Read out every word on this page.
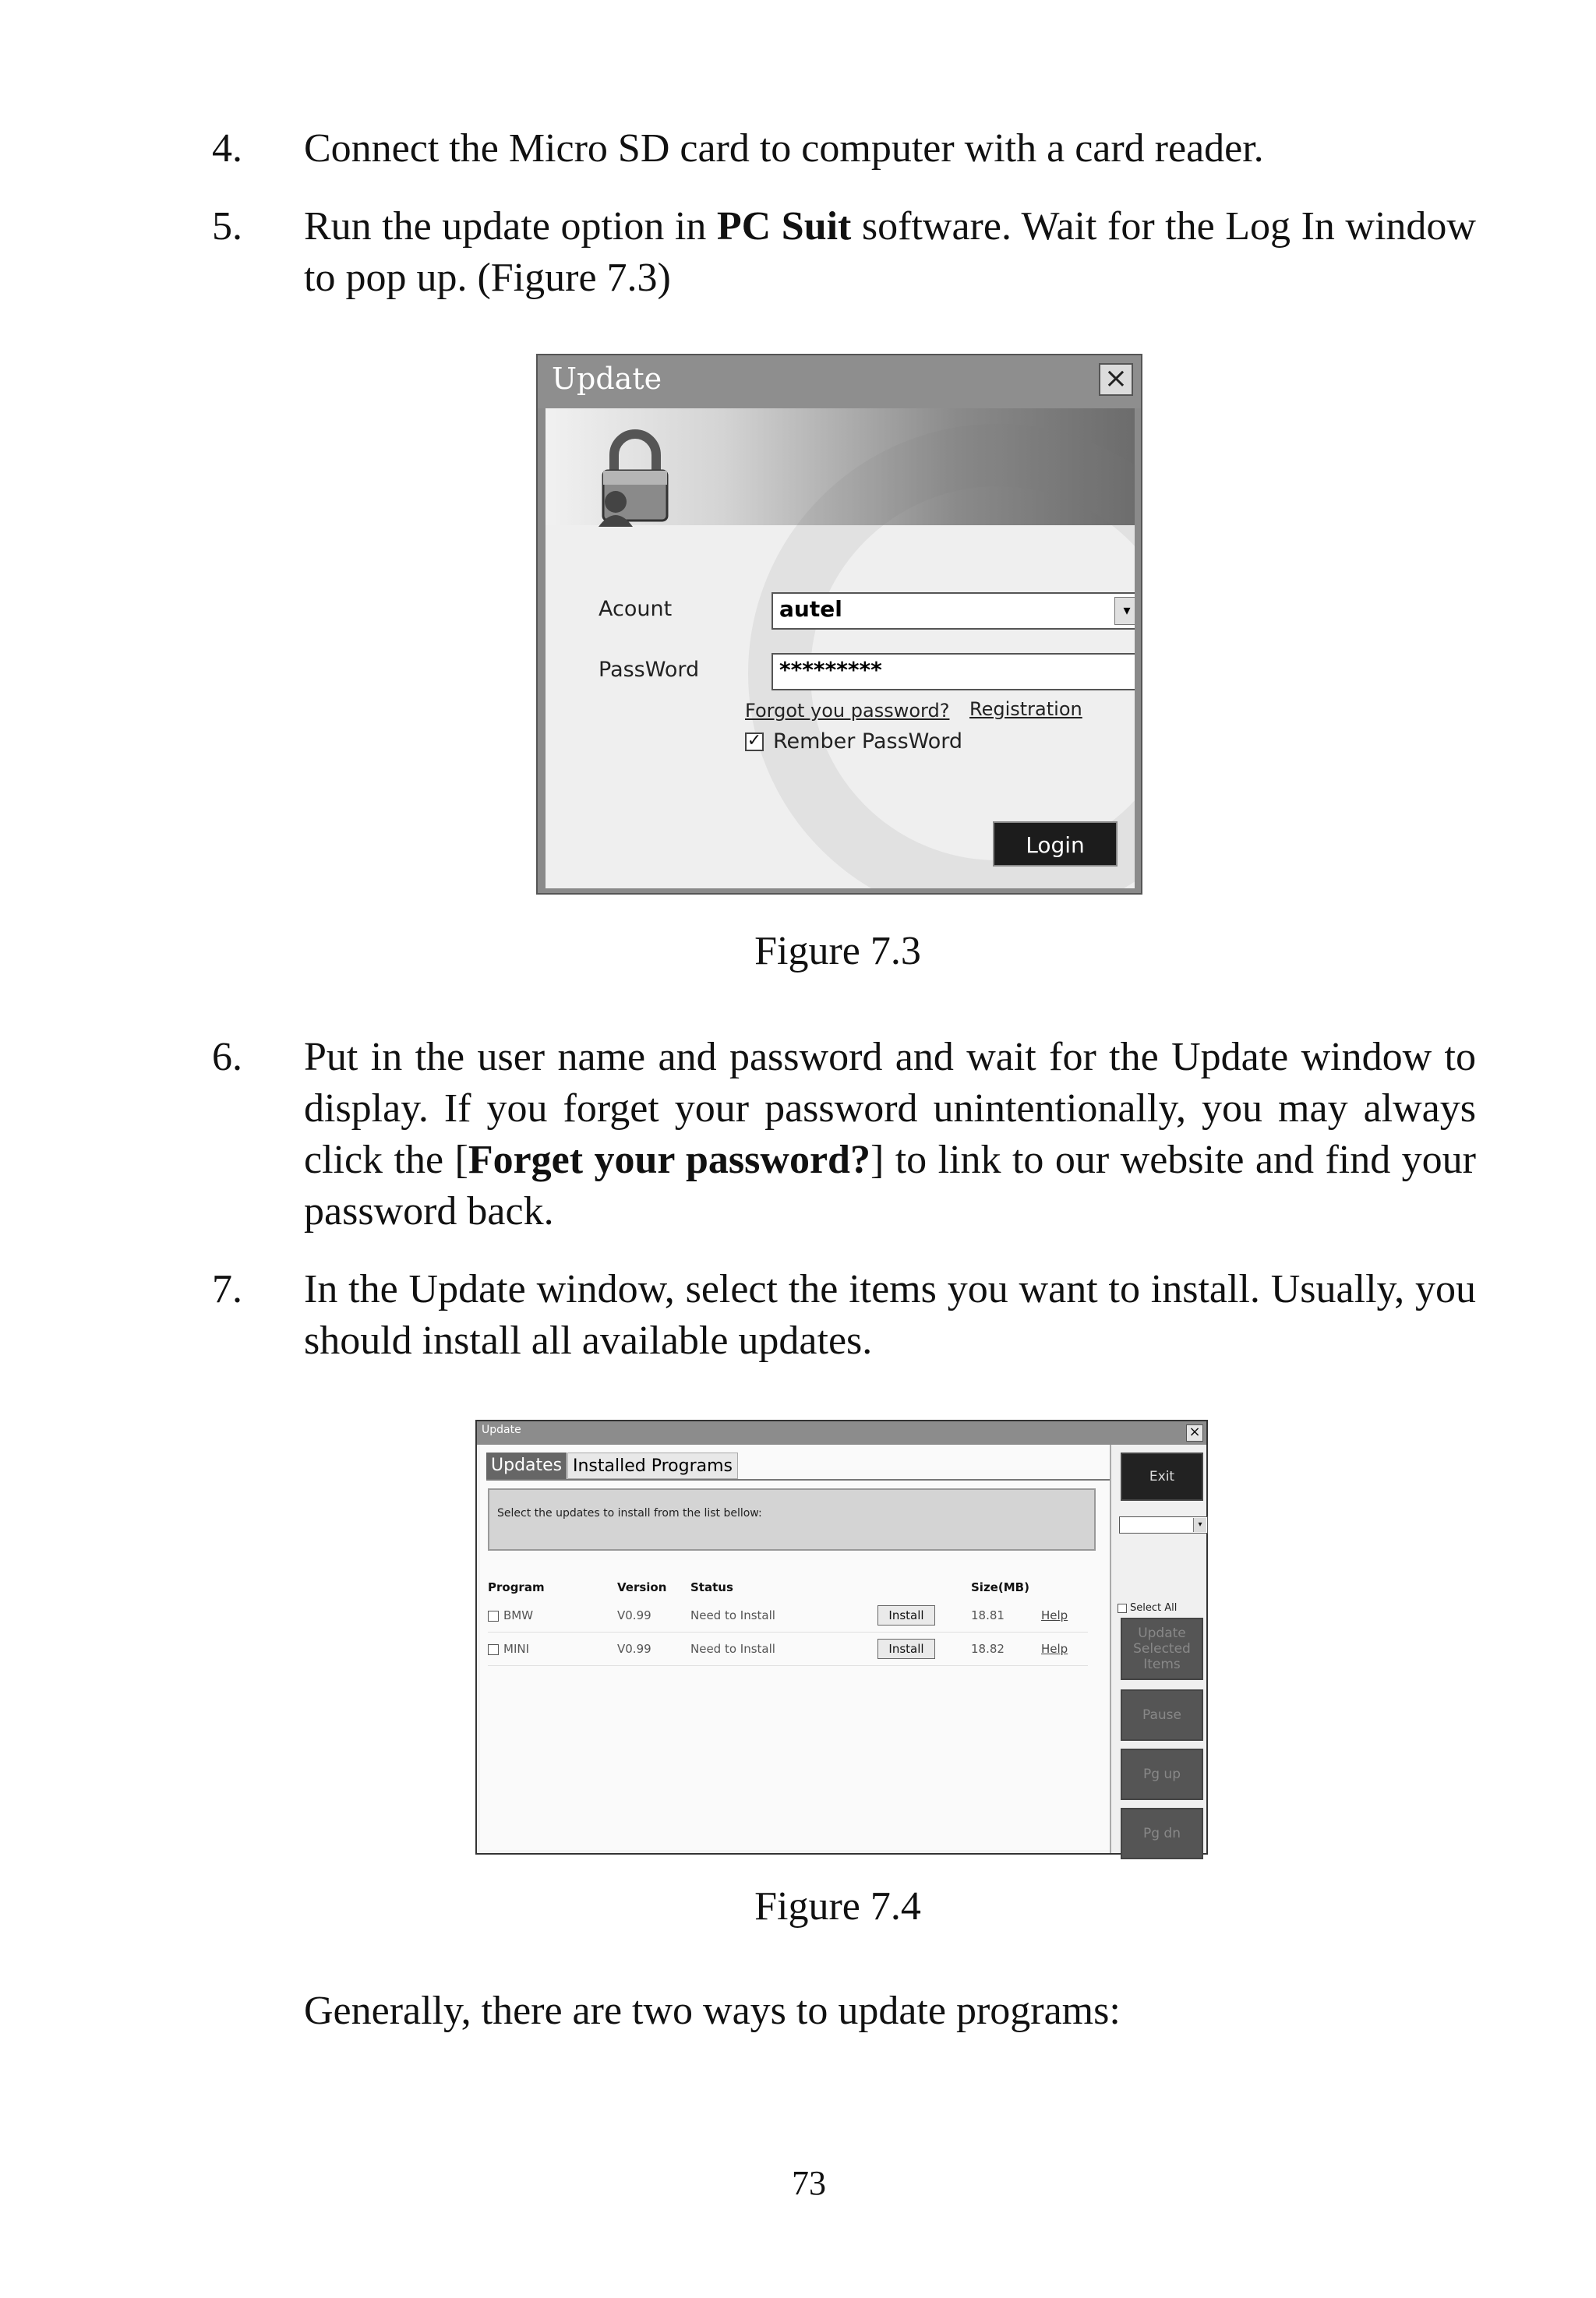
4. Connect the Micro SD card to computer with a card reader.
5. Run the update option in PC Suit software. Wait for the Log In window to pop up. (Figure 7.3)
Update	×
Acount	autel	▾
PassWord	*********
Forgot you password? Registration
✓ Rember PassWord
Login
Figure 7.3
6. Put in the user name and password and wait for the Update window to display. If you forget your password unintentionally, you may always click the [Forget your password?] to link to our website and find your password back.
7. In the Update window, select the items you want to install. Usually, you should install all available updates.
Update	×
Updates Installed Programs
Select the updates to install from the list bellow:
Program	Version	Status		Size(MB)	
BMW	V0.99	Need to Install	Install	18.81	Help
MINI	V0.99	Need to Install	Install	18.82	Help
Exit
▾
Select All
Update Selected Items
Pause
Pg up
Pg dn
Figure 7.4
Generally, there are two ways to update programs:
73
